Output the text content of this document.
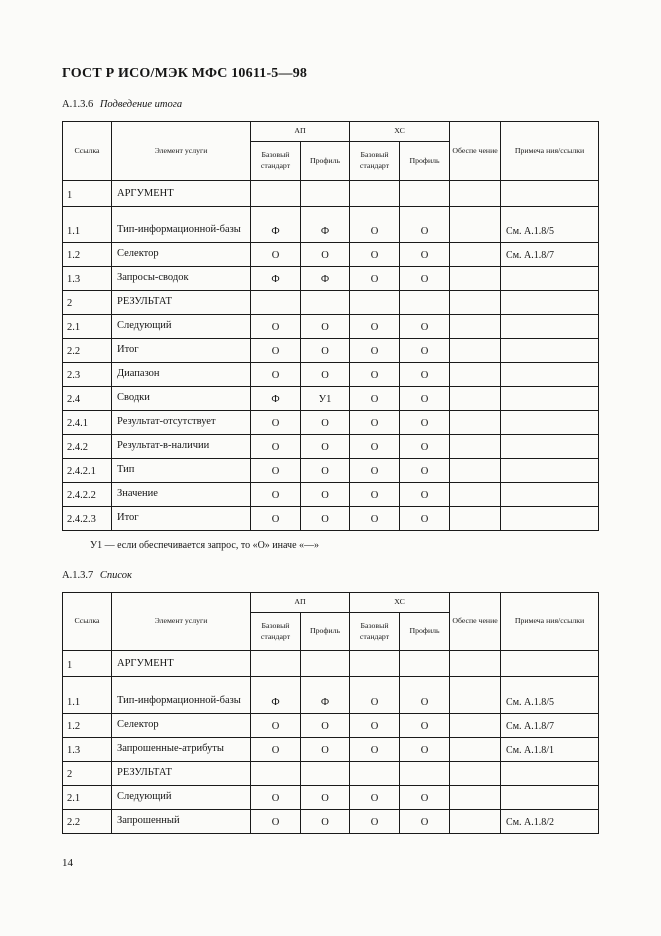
ГОСТ Р ИСО/МЭК МФС 10611-5—98
А.1.3.6 Подведение итога
Ссылка	Элемент услуги	АП		ХС		Обеспе чение	Примеча ния/ссылки
		Базовый стандарт	Профиль	Базовый стандарт	Профиль		
1	АРГУМЕНТ						
1.1	Тип-информационной-базы	Ф	Ф	О	О		См. А.1.8/5
1.2	Селектор	О	О	О	О		См. А.1.8/7
1.3	Запросы-сводок	Ф	Ф	О	О		
2	РЕЗУЛЬТАТ						
2.1	Следующий	О	О	О	О		
2.2	Итог	О	О	О	О		
2.3	Диапазон	О	О	О	О		
2.4	Сводки	Ф	У1	О	О		
2.4.1	Результат-отсутствует	О	О	О	О		
2.4.2	Результат-в-наличии	О	О	О	О		
2.4.2.1	Тип	О	О	О	О		
2.4.2.2	Значение	О	О	О	О		
2.4.2.3	Итог	О	О	О	О		
У1 — если обеспечивается запрос, то «О» иначе «—»
А.1.3.7 Список
Ссылка	Элемент услуги	АП		ХС		Обеспе чение	Примеча ния/ссылки
		Базовый стандарт	Профиль	Базовый стандарт	Профиль		
1	АРГУМЕНТ						
1.1	Тип-информационной-базы	Ф	Ф	О	О		См. А.1.8/5
1.2	Селектор	О	О	О	О		См. А.1.8/7
1.3	Запрошенные-атрибуты	О	О	О	О		См. А.1.8/1
2	РЕЗУЛЬТАТ						
2.1	Следующий	О	О	О	О		
2.2	Запрошенный	О	О	О	О		См. А.1.8/2
14
